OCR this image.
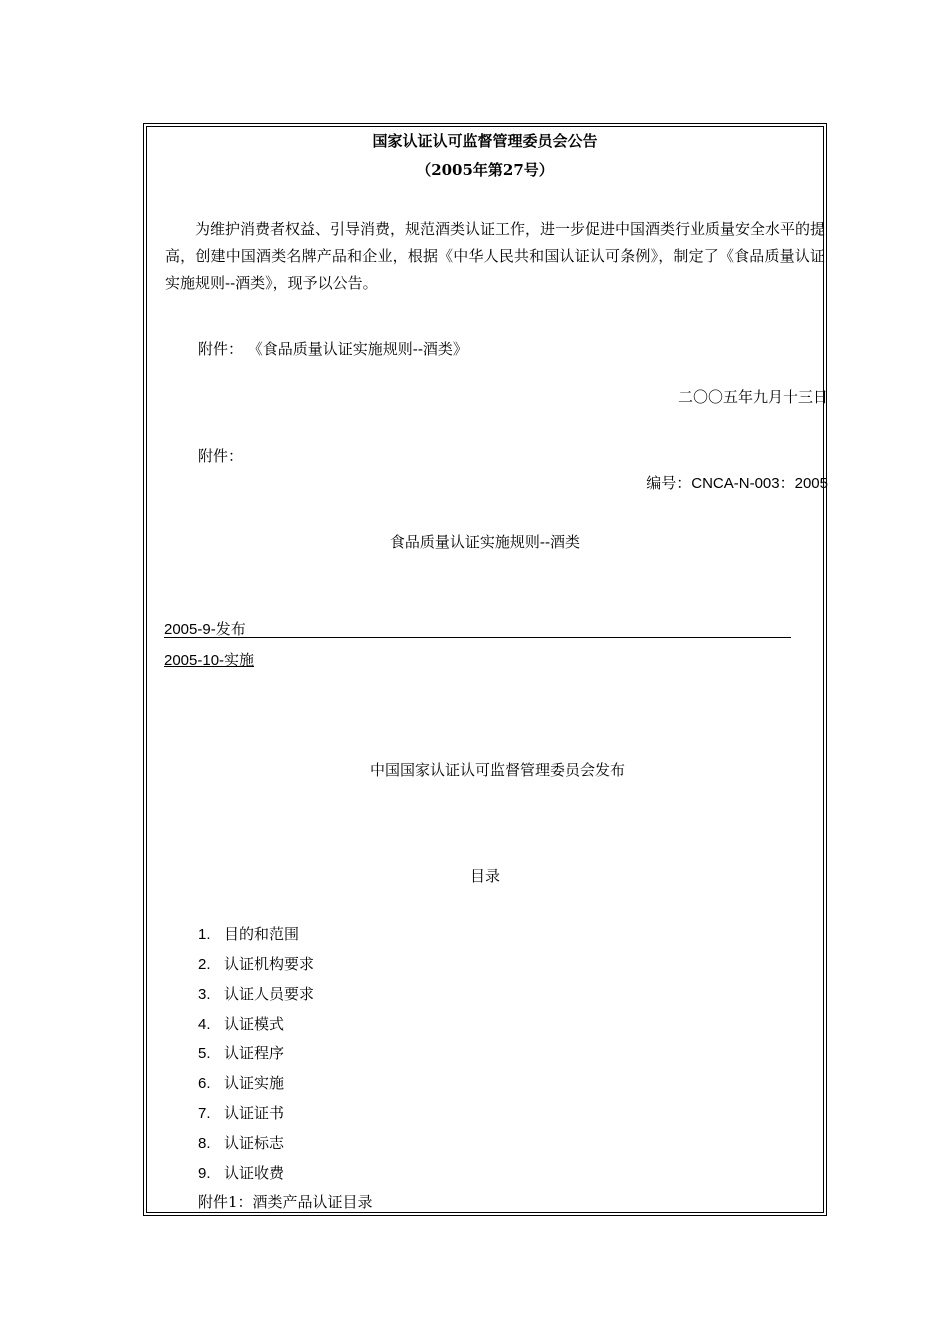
国家认证认可监督管理委员会公告
（2005年第27号）
为维护消费者权益、引导消费，规范酒类认证工作，进一步促进中国酒类行业质量安全水平的提高，创建中国酒类名牌产品和企业，根据《中华人民共和国认证认可条例》，制定了《食品质量认证实施规则--酒类》，现予以公告。
附件： 《食品质量认证实施规则--酒类》
二〇〇五年九月十三日
附件：
编号：CNCA-N-003：2005
食品质量认证实施规则--酒类
2005-9-发布
2005-10-实施
中国国家认证认可监督管理委员会发布
目录
1. 目的和范围
2. 认证机构要求
3. 认证人员要求
4. 认证模式
5. 认证程序
6. 认证实施
7. 认证证书
8. 认证标志
9. 认证收费
附件1：酒类产品认证目录
